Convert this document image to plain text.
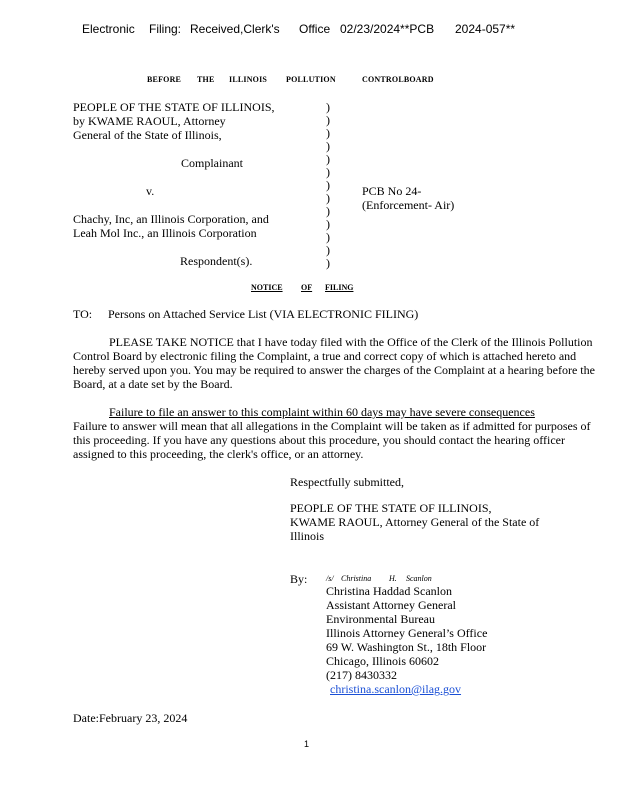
Electronic Filing: Received,Clerk's Office 02/23/2024**PCB 2024-057**
BEFORE THE ILLINOIS POLLUTION	CONTROLBOARD
PEOPLE OF THE STATE OF ILLINOIS,
by KWAME RAOUL, Attorney
General of the State of Illinois,
Complainant
v.
Chachy, Inc, an Illinois Corporation, and
Leah Mol Inc., an Illinois Corporation
Respondent(s).
PCB No 24-
(Enforcement- Air)
)
)
)
)
)
)
)
)
)
)
)
)
)
NOTICE OF FILING
TO: Persons on Attached Service List (VIA ELECTRONIC FILING)
PLEASE TAKE NOTICE that I have today filed with the Office of the Clerk of the Illinois Pollution Control Board by electronic filing the Complaint, a true and correct copy of which is attached hereto and hereby served upon you. You may be required to answer the charges of the Complaint at a hearing before the Board, at a date set by the Board.
Failure to file an answer to this complaint within 60 days may have severe consequences
Failure to answer will mean that all allegations in the Complaint will be taken as if admitted for purposes of this proceeding. If you have any questions about this procedure, you should contact the hearing officer assigned to this proceeding, the clerk's office, or an attorney.
Respectfully submitted,
PEOPLE OF THE STATE OF ILLINOIS,
KWAME RAOUL, Attorney General of the State of
Illinois
By: /s/ Christina H. Scanlon
Christina Haddad Scanlon
Assistant Attorney General
Environmental Bureau
Illinois Attorney General’s Office
69 W. Washington St., 18th Floor
Chicago, Illinois 60602
(217) 8430332
christina.scanlon@ilag.gov
Date:February 23, 2024
1
